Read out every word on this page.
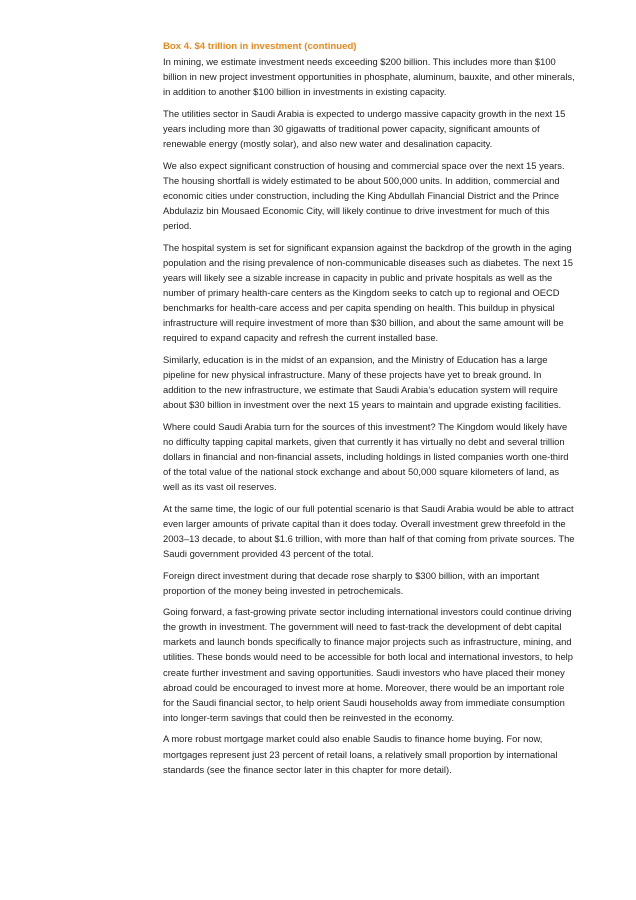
Box 4. $4 trillion in investment (continued)

In mining, we estimate investment needs exceeding $200 billion. This includes more than $100 billion in new project investment opportunities in phosphate, aluminum, bauxite, and other minerals, in addition to another $100 billion in investments in existing capacity.

The utilities sector in Saudi Arabia is expected to undergo massive capacity growth in the next 15 years including more than 30 gigawatts of traditional power capacity, significant amounts of renewable energy (mostly solar), and also new water and desalination capacity.

We also expect significant construction of housing and commercial space over the next 15 years. The housing shortfall is widely estimated to be about 500,000 units. In addition, commercial and economic cities under construction, including the King Abdullah Financial District and the Prince Abdulaziz bin Mousaed Economic City, will likely continue to drive investment for much of this period.

The hospital system is set for significant expansion against the backdrop of the growth in the aging population and the rising prevalence of non-communicable diseases such as diabetes. The next 15 years will likely see a sizable increase in capacity in public and private hospitals as well as the number of primary health-care centers as the Kingdom seeks to catch up to regional and OECD benchmarks for health-care access and per capita spending on health. This buildup in physical infrastructure will require investment of more than $30 billion, and about the same amount will be required to expand capacity and refresh the current installed base.

Similarly, education is in the midst of an expansion, and the Ministry of Education has a large pipeline for new physical infrastructure. Many of these projects have yet to break ground. In addition to the new infrastructure, we estimate that Saudi Arabia’s education system will require about $30 billion in investment over the next 15 years to maintain and upgrade existing facilities.

Where could Saudi Arabia turn for the sources of this investment? The Kingdom would likely have no difficulty tapping capital markets, given that currently it has virtually no debt and several trillion dollars in financial and non-financial assets, including holdings in listed companies worth one-third of the total value of the national stock exchange and about 50,000 square kilometers of land, as well as its vast oil reserves.

At the same time, the logic of our full potential scenario is that Saudi Arabia would be able to attract even larger amounts of private capital than it does today. Overall investment grew threefold in the 2003–13 decade, to about $1.6 trillion, with more than half of that coming from private sources. The Saudi government provided 43 percent of the total.

Foreign direct investment during that decade rose sharply to $300 billion, with an important proportion of the money being invested in petrochemicals.

Going forward, a fast-growing private sector including international investors could continue driving the growth in investment. The government will need to fast-track the development of debt capital markets and launch bonds specifically to finance major projects such as infrastructure, mining, and utilities. These bonds would need to be accessible for both local and international investors, to help create further investment and saving opportunities. Saudi investors who have placed their money abroad could be encouraged to invest more at home. Moreover, there would be an important role for the Saudi financial sector, to help orient Saudi households away from immediate consumption into longer-term savings that could then be reinvested in the economy.

A more robust mortgage market could also enable Saudis to finance home buying. For now, mortgages represent just 23 percent of retail loans, a relatively small proportion by international standards (see the finance sector later in this chapter for more detail).
